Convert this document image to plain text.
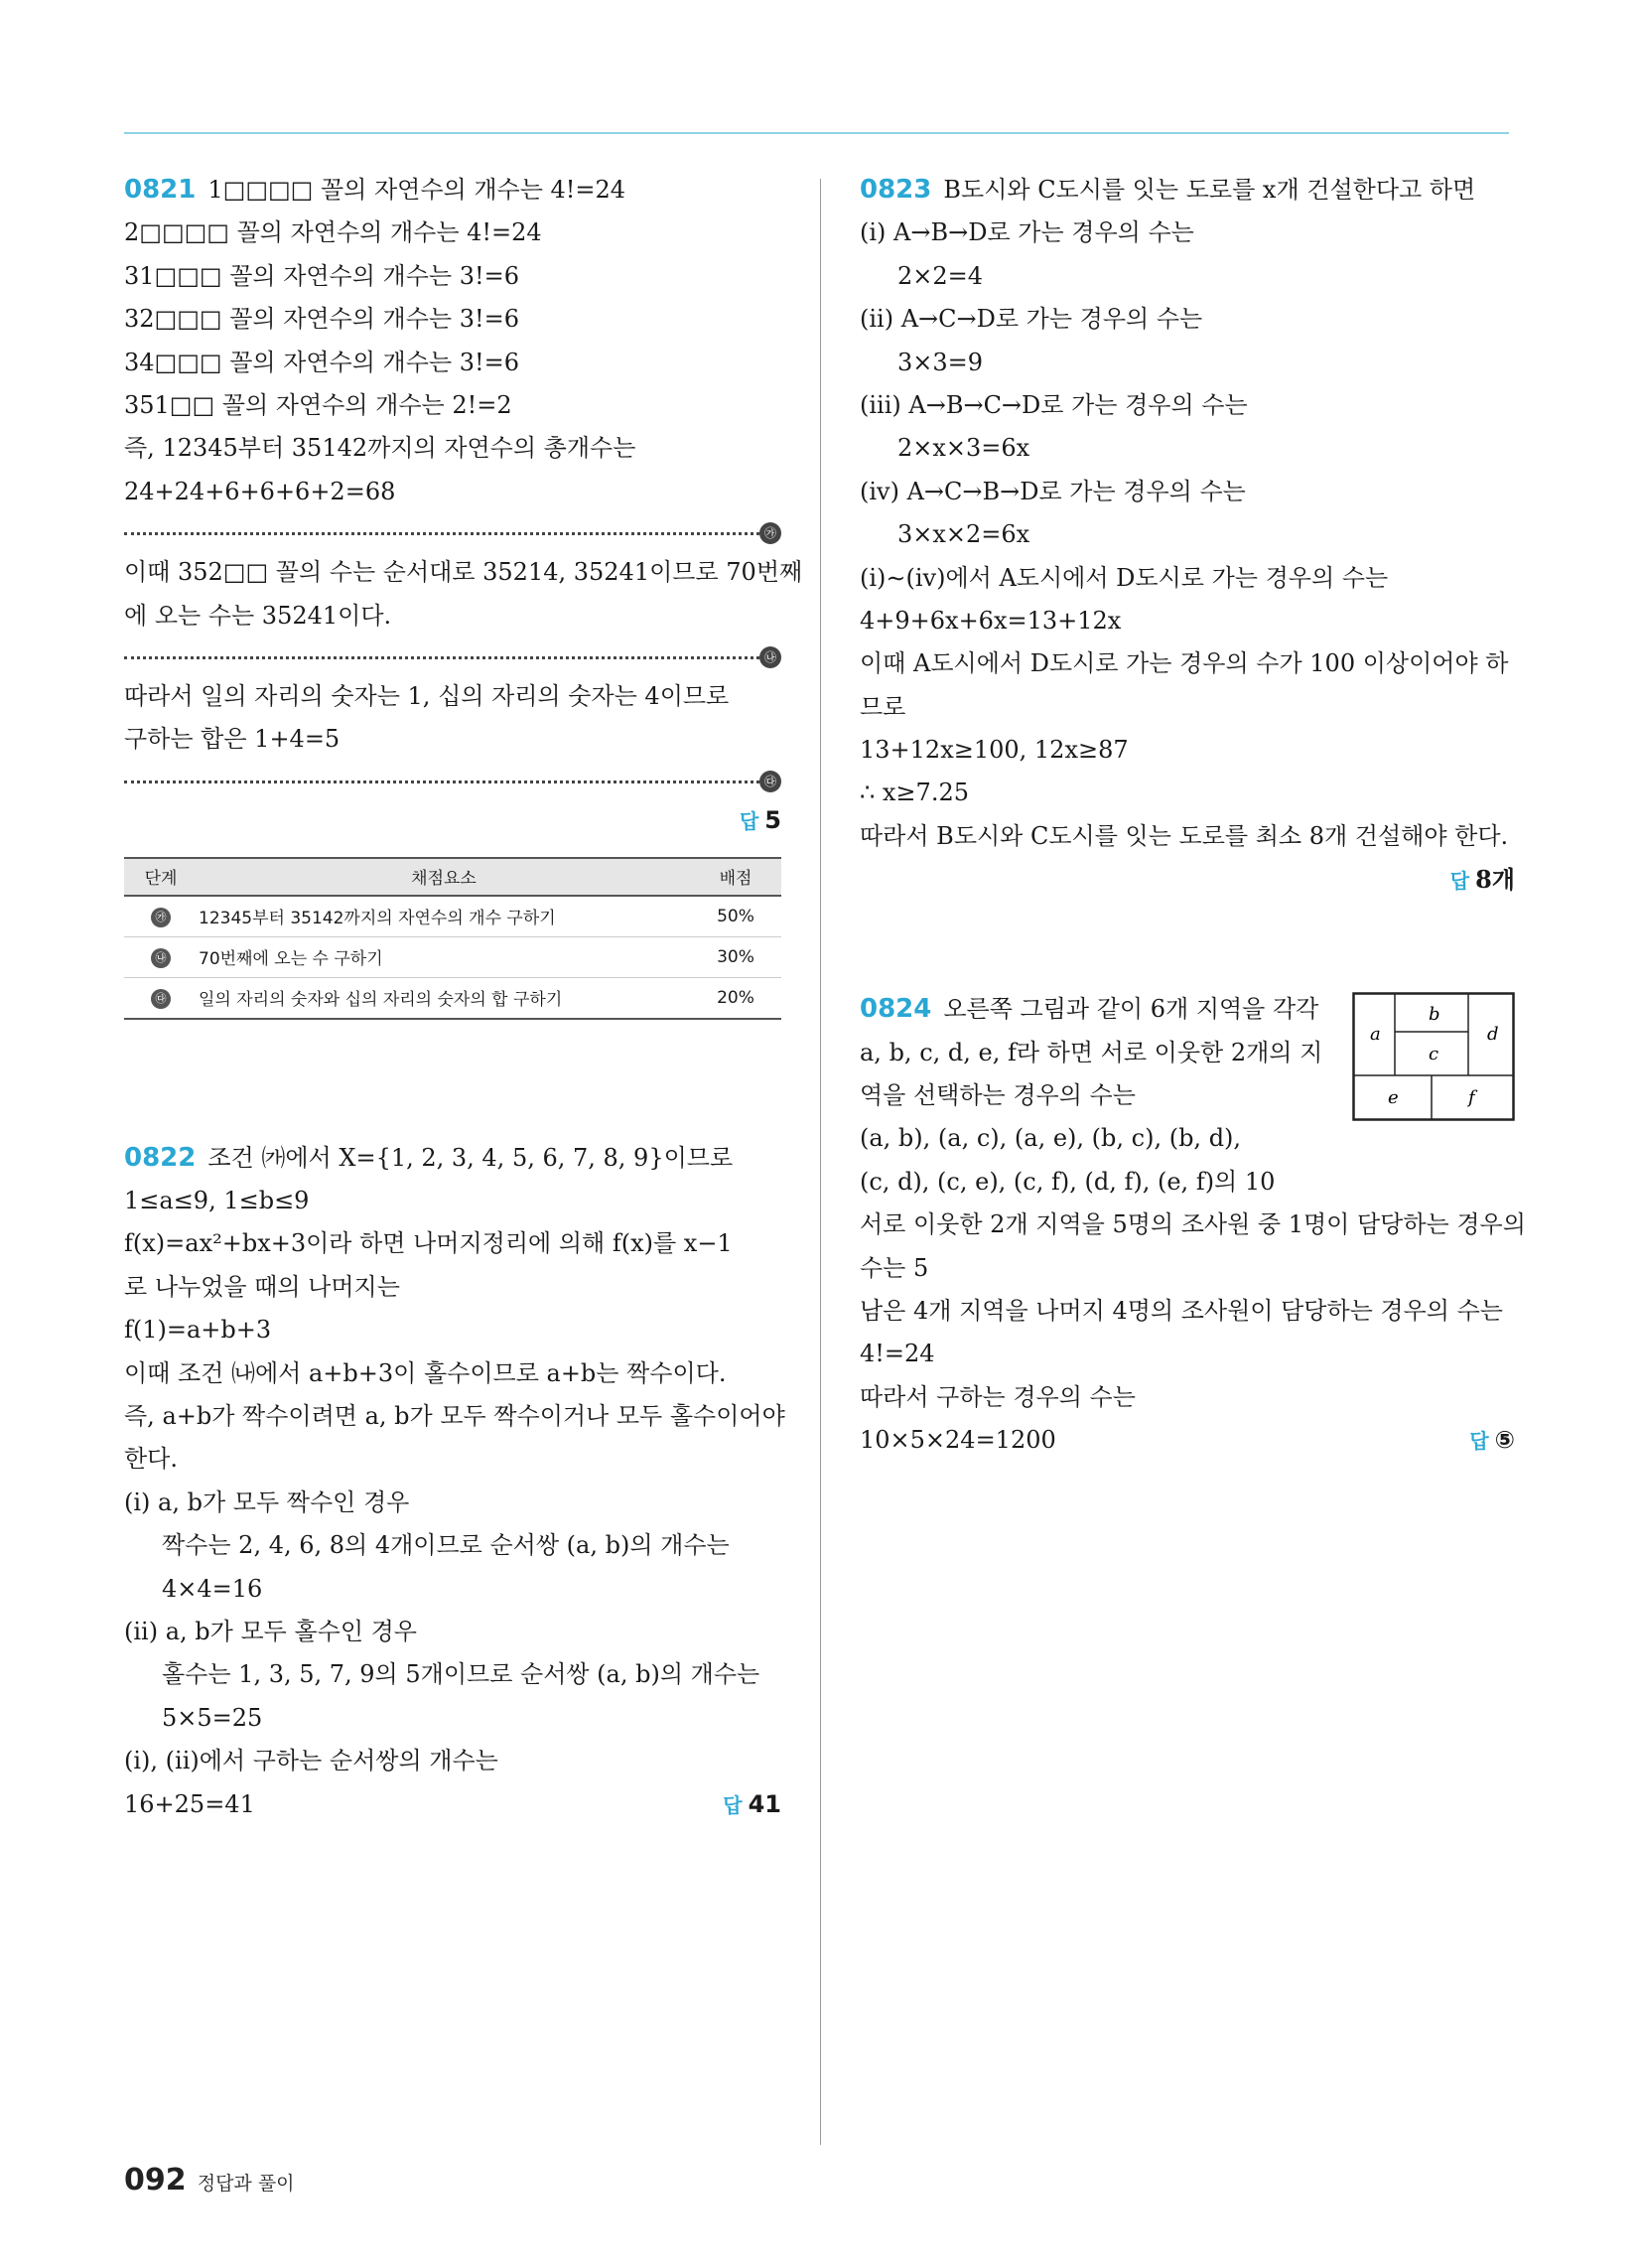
0821 1□□□□ 꼴의 자연수의 개수는 4!=24
2□□□□ 꼴의 자연수의 개수는 4!=24
31□□□ 꼴의 자연수의 개수는 3!=6
32□□□ 꼴의 자연수의 개수는 3!=6
34□□□ 꼴의 자연수의 개수는 3!=6
351□□ 꼴의 자연수의 개수는 2!=2
즉, 12345부터 35142까지의 자연수의 총개수는
24+24+6+6+6+2=68
㉮
이때 352□□ 꼴의 수는 순서대로 35214, 35241이므로 70번째
에 오는 수는 35241이다.
㉯
따라서 일의 자리의 숫자는 1, 십의 자리의 숫자는 4이므로
구하는 합은 1+4=5
㉰
답 5
단계	채점요소	배점
㉮	12345부터 35142까지의 자연수의 개수 구하기	50%
㉯	70번째에 오는 수 구하기	30%
㉰	일의 자리의 숫자와 십의 자리의 숫자의 합 구하기	20%
0822 조건 ㈎에서 X={1, 2, 3, 4, 5, 6, 7, 8, 9}이므로
1≤a≤9, 1≤b≤9
f(x)=ax²+bx+3이라 하면 나머지정리에 의해 f(x)를 x−1
로 나누었을 때의 나머지는
f(1)=a+b+3
이때 조건 ㈏에서 a+b+3이 홀수이므로 a+b는 짝수이다.
즉, a+b가 짝수이려면 a, b가 모두 짝수이거나 모두 홀수이어야
한다.
(i) a, b가 모두 짝수인 경우
짝수는 2, 4, 6, 8의 4개이므로 순서쌍 (a, b)의 개수는
4×4=16
(ii) a, b가 모두 홀수인 경우
홀수는 1, 3, 5, 7, 9의 5개이므로 순서쌍 (a, b)의 개수는
5×5=25
(i), (ii)에서 구하는 순서쌍의 개수는
16+25=41	답 41
0823 B도시와 C도시를 잇는 도로를 x개 건설한다고 하면
(i) A→B→D로 가는 경우의 수는
2×2=4
(ii) A→C→D로 가는 경우의 수는
3×3=9
(iii) A→B→C→D로 가는 경우의 수는
2×x×3=6x
(iv) A→C→B→D로 가는 경우의 수는
3×x×2=6x
(i)∼(iv)에서 A도시에서 D도시로 가는 경우의 수는
4+9+6x+6x=13+12x
이때 A도시에서 D도시로 가는 경우의 수가 100 이상이어야 하
므로
13+12x≥100, 12x≥87
∴ x≥7.25
따라서 B도시와 C도시를 잇는 도로를 최소 8개 건설해야 한다.
답 8개
0824 오른쪽 그림과 같이 6개 지역을 각각
a, b, c, d, e, f라 하면 서로 이웃한 2개의 지
역을 선택하는 경우의 수는
(a, b), (a, c), (a, e), (b, c), (b, d),
(c, d), (c, e), (c, f), (d, f), (e, f)의 10
서로 이웃한 2개 지역을 5명의 조사원 중 1명이 담당하는 경우의
수는 5
남은 4개 지역을 나머지 4명의 조사원이 담당하는 경우의 수는
4!=24
따라서 구하는 경우의 수는
10×5×24=1200	답 ⑤
a
b
c
d
e	f
092 정답과 풀이
